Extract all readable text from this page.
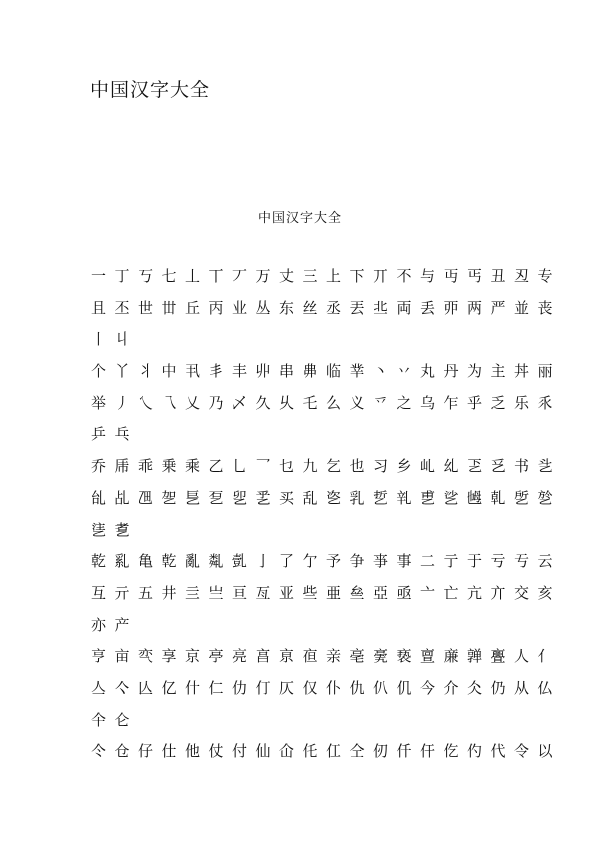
中国汉字大全
中国汉字大全
一 丁 丂 七 丄 丅 丆 万 丈 三 上 下 丌 不 与 丏 丐 丑 丒 专
且 丕 世 丗 丘 丙 业 丛 东 丝 丞 丟 丠 両 丢 丣 两 严 並 丧
丨 丩
个 丫 丬 中 丮 丯 丰 丱 串 丳 临 丵 丶 丷 丸 丹 为 主 丼 丽
举 丿 乀 乁 乂 乃 乄 久 乆 乇 么 义 乊 之 乌 乍 乎 乏 乐 乑
乒 乓
乔 乕 乖 乗 乘 乙 乚 乛 乜 九 乞 也 习 乡 乢 乣 乤 乥 书 乧
乨 乩 乪 乫 乬 乭 乮 乯 买 乱 乲 乳 乴 乵 乶 乷 乸 乹 乺 乻
乼 乽
乾 乿 亀 亁 亂 亃 亄 亅 了 亇 予 争 亊 事 二 亍 于 亏 亐 云
互 亓 五 井 亖 亗 亘 亙 亚 些 亜 亝 亞 亟 亠 亡 亢 亣 交 亥
亦 产
亨 亩 亪 享 京 亭 亮 亯 亰 亱 亲 亳 亴 亵 亶 亷 亸 亹 人 亻
亼 亽 亾 亿 什 仁 仂 仃 仄 仅 仆 仇 仈 仉 今 介 仌 仍 从 仏
仐 仑
仒 仓 仔 仕 他 仗 付 仙 仚 仛 仜 仝 仞 仟 仠 仡 仢 代 令 以
